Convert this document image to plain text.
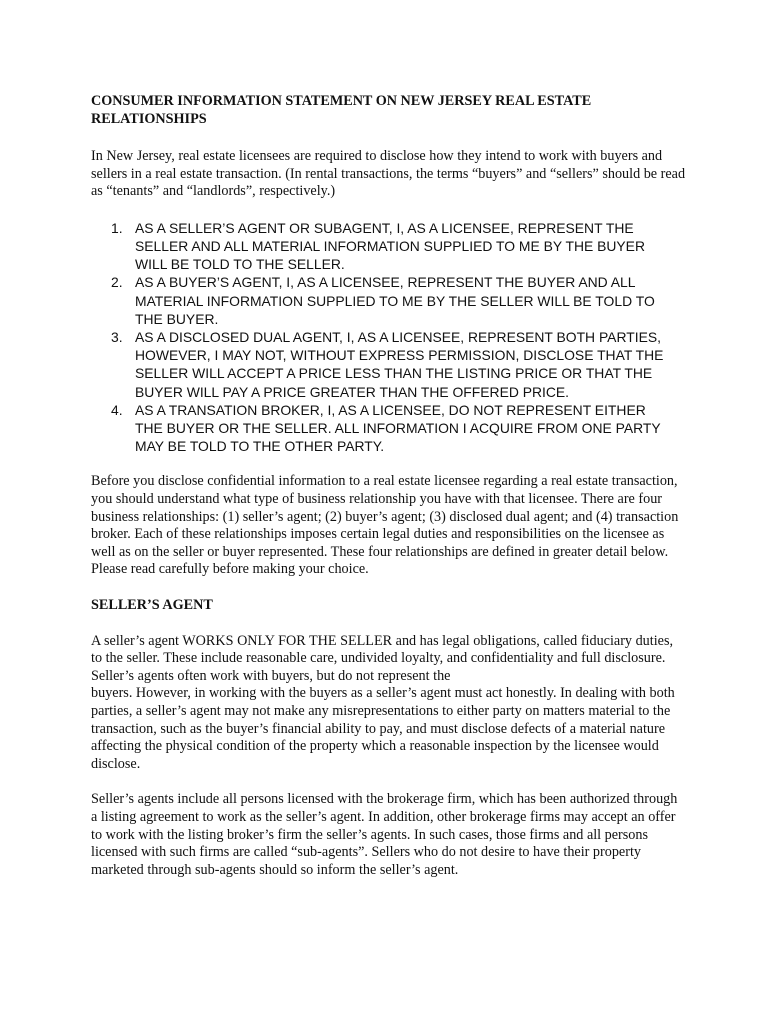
CONSUMER INFORMATION STATEMENT ON NEW JERSEY REAL ESTATE RELATIONSHIPS

In New Jersey, real estate licensees are required to disclose how they intend to work with buyers and sellers in a real estate transaction. (In rental transactions, the terms “buyers” and “sellers” should be read as “tenants” and “landlords”, respectively.)

1. AS A SELLER’S AGENT OR SUBAGENT, I, AS A LICENSEE, REPRESENT THE SELLER AND ALL MATERIAL INFORMATION SUPPLIED TO ME BY THE BUYER WILL BE TOLD TO THE SELLER.
2. AS A BUYER’S AGENT, I, AS A LICENSEE, REPRESENT THE BUYER AND ALL MATERIAL INFORMATION SUPPLIED TO ME BY THE SELLER WILL BE TOLD TO THE BUYER.
3. AS A DISCLOSED DUAL AGENT, I, AS A LICENSEE, REPRESENT BOTH PARTIES, HOWEVER, I MAY NOT, WITHOUT EXPRESS PERMISSION, DISCLOSE THAT THE SELLER WILL ACCEPT A PRICE LESS THAN THE LISTING PRICE OR THAT THE BUYER WILL PAY A PRICE GREATER THAN THE OFFERED PRICE.
4. AS A TRANSATION BROKER, I, AS A LICENSEE, DO NOT REPRESENT EITHER THE BUYER OR THE SELLER. ALL INFORMATION I ACQUIRE FROM ONE PARTY MAY BE TOLD TO THE OTHER PARTY.

Before you disclose confidential information to a real estate licensee regarding a real estate transaction, you should understand what type of business relationship you have with that licensee. There are four business relationships: (1) seller’s agent; (2) buyer’s agent; (3) disclosed dual agent; and (4) transaction broker. Each of these relationships imposes certain legal duties and responsibilities on the licensee as well as on the seller or buyer represented. These four relationships are defined in greater detail below. Please read carefully before making your choice.

SELLER’S AGENT

A seller’s agent WORKS ONLY FOR THE SELLER and has legal obligations, called fiduciary duties, to the seller. These include reasonable care, undivided loyalty, and confidentiality and full disclosure. Seller’s agents often work with buyers, but do not represent the

buyers. However, in working with the buyers as a seller’s agent must act honestly. In dealing with both parties, a seller’s agent may not make any misrepresentations to either party on matters material to the transaction, such as the buyer’s financial ability to pay, and must disclose defects of a material nature affecting the physical condition of the property which a reasonable inspection by the licensee would disclose.

Seller’s agents include all persons licensed with the brokerage firm, which has been authorized through a listing agreement to work as the seller’s agent. In addition, other brokerage firms may accept an offer to work with the listing broker’s firm the seller’s agents. In such cases, those firms and all persons licensed with such firms are called “sub-agents”. Sellers who do not desire to have their property marketed through sub-agents should so inform the seller’s agent.
